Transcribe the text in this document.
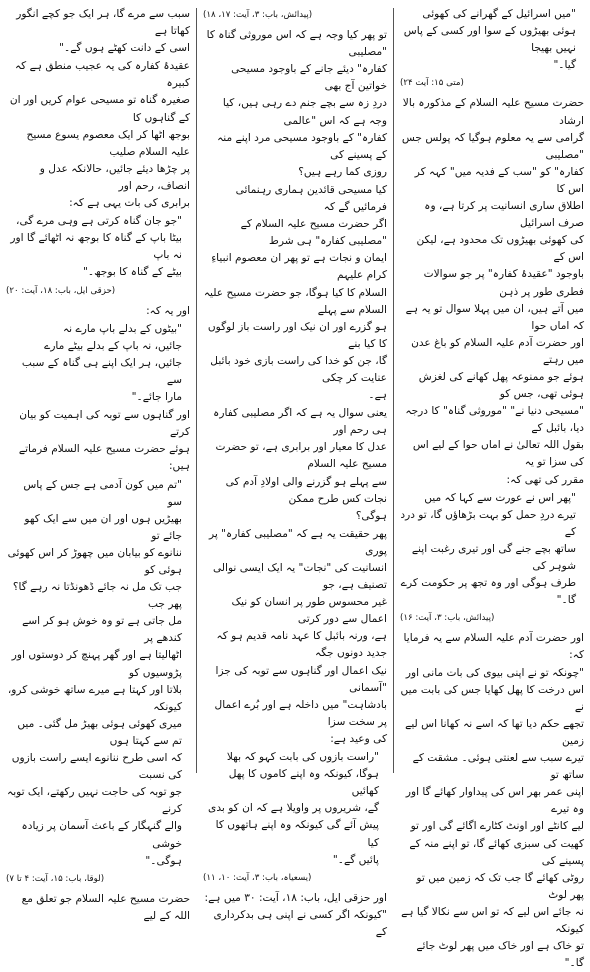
"میں اسرائیل کے گھرانے کی کھوئی
ہوئی بھیڑوں کے سوا اور کسی کے پاس نہیں بھیجا
گیا۔"

(متی ۱۵: آیت ۲۴)

حضرت مسیح علیہ السلام کے مذکورہ بالا ارشاد
گرامی سے یہ معلوم ہوگیا کہ پولس جس "مصلیبی
کفارہ" کو "سب کے فدیہ میں" کہہ کر اس کا
اطلاق ساری انسانیت پر کرتا ہے، وہ صرف اسرائیل
کی کھوئی بھیڑوں تک محدود ہے، لیکن اس کے
باوجود "عقیدۂ کفارہ" پر جو سوالات فطری طور پر ذہن
میں آتے ہیں، ان میں پہلا سوال تو یہ ہے کہ اماں حوا
اور حضرت آدم علیہ السلام کو باغ عدن میں رہتے
ہوئے جو ممنوعہ پھل کھانے کی لغزش ہوئی تھی، جس کو
"مسیحی دنیا نے" "موروثی گناہ" کا درجہ دیا، بائبل کے
بقول اللہ تعالیٰ نے اماں حوا کے لیے اس کی سزا تو یہ
مقرر کی تھی کہ:

"پھر اس نے عورت سے کہا کہ میں
تیرے دردِ حمل کو بہت بڑھاؤں گا، تو درد کے
ساتھ بچے جنے گی اور تیری رغبت اپنے شوہر کی
طرف ہوگی اور وہ تجھ پر حکومت کرے گا۔"

(پیدائش، باب: ۳، آیت: ۱۶)

اور حضرت آدم علیہ السلام سے یہ فرمایا کہ:
"چونکہ تو نے اپنی بیوی کی بات مانی اور
اس درخت کا پھل کھایا جس کی بابت میں نے
تجھے حکم دیا تھا کہ اسے نہ کھانا اس لیے زمین
تیرے سبب سے لعنتی ہوئی۔ مشقت کے ساتھ تو
اپنی عمر بھر اس کی پیداوار کھائے گا اور وہ تیرے
لیے کانٹے اور اونٹ کٹارے اگائے گی اور تو
کھیت کی سبزی کھائے گا، تو اپنے منہ کے پسینے کی
روٹی کھائے گا جب تک کہ زمین میں تو پھر لوٹ
نہ جائے اس لیے کہ تو اس سے نکالا گیا ہے کیونکہ
تو خاک ہے اور خاک میں پھر لوٹ جائے گا۔"

(پیدائش، باب: ۳، آیت: ۱۷، ۱۸)

تو پھر کیا وجہ ہے کہ اس موروثی گناہ کا "مصلیبی
کفارہ" دیئے جانے کے باوجود مسیحی خواتین آج بھی
دردِ زہ سے بچے جنم دے رہی ہیں، کیا وجہ ہے کہ اس "عالمی
کفارہ" کے باوجود مسیحی مرد اپنے منہ کے پسینے کی
روزی کما رہے ہیں؟

کیا مسیحی قائدین ہماری رہنمائی فرمائیں گے کہ
اگر حضرت مسیح علیہ السلام کے "مصلیبی کفارہ" ہی شرط
ایمان و نجات ہے تو پھر ان معصوم انبیاءِ کرام علیہم
السلام کا کیا ہوگا، جو حضرت مسیح علیہ السلام سے پہلے
ہو گزرے اور ان نیک اور راست باز لوگوں کا کیا بنے
گا، جن کو خدا کی راست بازی خود بائبل عنایت کر چکی
ہے۔

یعنی سوال یہ ہے کہ اگر مصلیبی کفارہ ہی رحم اور
عدل کا معیار اور برابری ہے، تو حضرت مسیح علیہ السلام
سے پہلے ہو گزرنے والی اولادِ آدم کی نجات کس طرح ممکن
ہوگی؟

پھر حقیقت یہ ہے کہ "مصلیبی کفارہ" پر پوری
انسانیت کی "نجات" یہ ایک ایسی نوالی تصنیف ہے، جو
غیر محسوس طور پر انسان کو نیک اعمال سے دور کرتی
ہے، ورنہ بائبل کا عہد نامہ قدیم ہو کہ جدید دونوں جگہ
نیک اعمال اور گناہوں سے توبہ کی جزا "آسمانی
بادشاہت" میں داخلہ ہے اور بُرے اعمال پر سخت سزا
کی وعید ہے:

"راست بازوں کی بابت کہو کہ بھلا
ہوگا، کیونکہ وہ اپنے کاموں کا پھل کھائیں
گے، شریروں پر واویلا ہے کہ ان کو بدی
پیش آئے گی کیونکہ وہ اپنے ہاتھوں کا کیا
پائیں گے۔"

(یسعیاہ، باب: ۳، آیت: ۱۰، ۱۱)

اور حزقی ایل، باب: ۱۸، آیت: ۳۰ میں ہے:
"کیونکہ اگر کسی نے اپنی ہی بدکرداری کے

سبب سے مرے گا، ہر ایک جو کچے انگور کھاتا ہے
اسی کے دانت کھٹے ہوں گے۔"

عقیدۂ کفارہ کی یہ عجیب منطق ہے کہ کبیرہ
صغیرہ گناہ تو مسیحی عوام کریں اور ان کے گناہوں کا
بوجھ اٹھا کر ایک معصوم یسوع مسیح علیہ السلام صلیب
پر چڑھا دیئے جائیں، حالانکہ عدل و انصاف، رحم اور
برابری کی بات یہی ہے کہ:

"جو جان گناہ کرتی ہے وہی مرے گی،
بیٹا باپ کے گناہ کا بوجھ نہ اٹھائے گا اور نہ باپ
بیٹے کے گناہ کا بوجھ۔"

(حزقی ایل، باب: ۱۸، آیت: ۲۰)

اور یہ کہ:

"بیٹوں کے بدلے باپ مارے نہ
جائیں، نہ باپ کے بدلے بیٹے مارے
جائیں، ہر ایک اپنے ہی گناہ کے سبب سے
مارا جائے۔"

اور گناہوں سے توبہ کی اہمیت کو بیان کرتے
ہوئے حضرت مسیح علیہ السلام فرماتے ہیں:

"تم میں کون آدمی ہے جس کے پاس سو
بھیڑیں ہوں اور ان میں سے ایک کھو جائے تو
ننانوے کو بیابان میں چھوڑ کر اس کھوئی ہوئی کو
جب تک مل نہ جائے ڈھونڈتا نہ رہے گا؟ پھر جب
مل جاتی ہے تو وہ خوش ہو کر اسے کندھے پر
اٹھالیتا ہے اور گھر پہنچ کر دوستوں اور پڑوسیوں کو
بلاتا اور کہتا ہے میرے ساتھ خوشی کرو، کیونکہ
میری کھوئی ہوئی بھیڑ مل گئی۔ میں تم سے کہتا ہوں
کہ اسی طرح ننانوے ایسے راست بازوں کی نسبت
جو توبہ کی حاجت نہیں رکھتے، ایک توبہ کرنے
والے گنہگار کے باعث آسمان پر زیادہ خوشی
ہوگی۔"

(لوقا، باب: ۱۵، آیت: ۴ تا ۷)

حضرت مسیح علیہ السلام جو تعلق مع اللہ کے لیے
